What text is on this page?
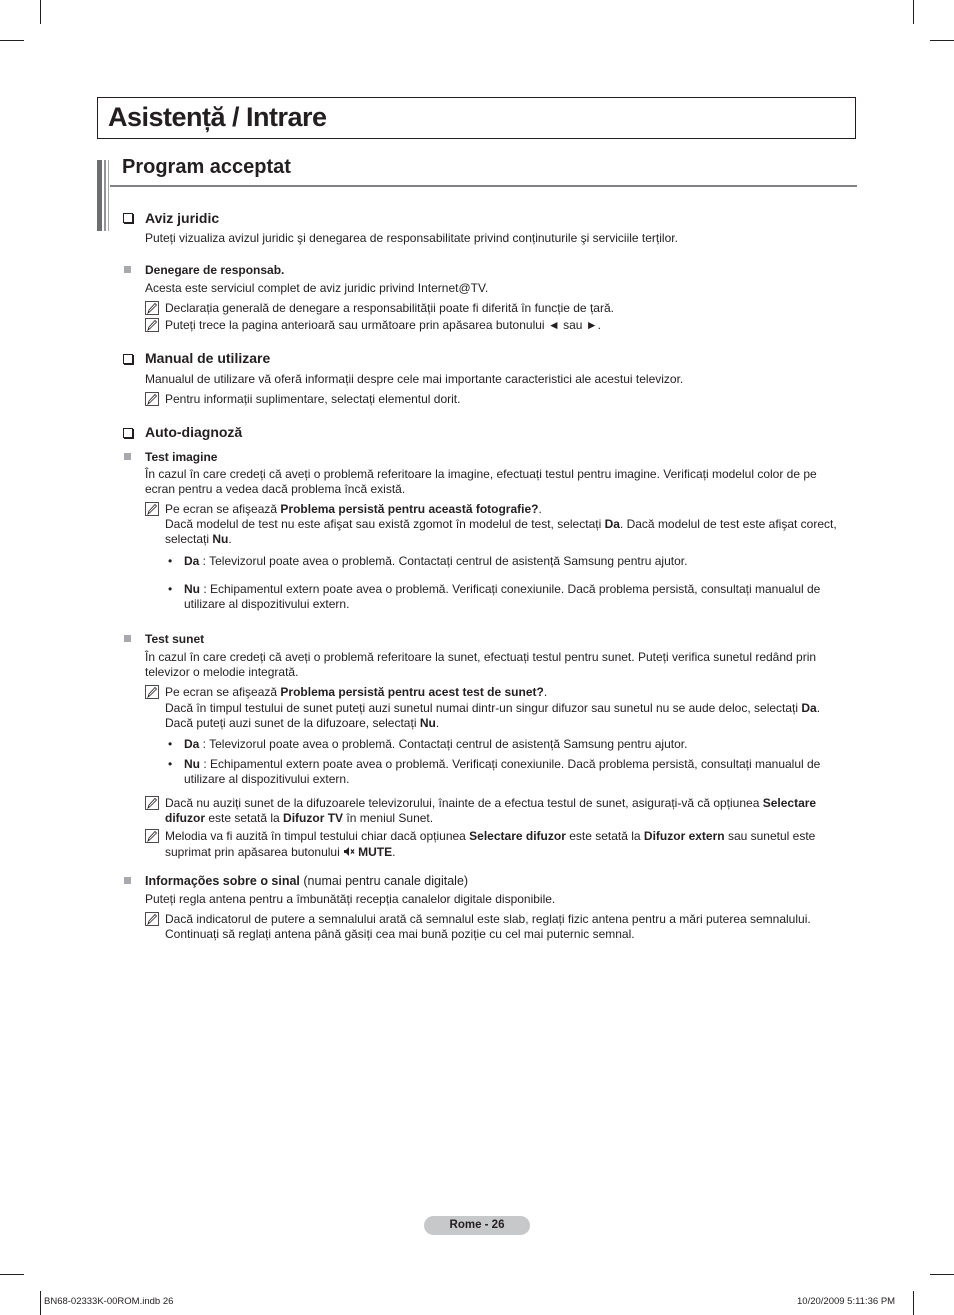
Asistență / Intrare
Program acceptat
Aviz juridic
Puteți vizualiza avizul juridic şi denegarea de responsabilitate privind conținuturile şi serviciile terților.
Denegare de responsab.
Acesta este serviciul complet de aviz juridic privind Internet@TV.
Declarația generală de denegare a responsabilității poate fi diferită în funcție de țară.
Puteți trece la pagina anterioară sau următoare prin apăsarea butonului ◄ sau ►.
Manual de utilizare
Manualul de utilizare vă oferă informații despre cele mai importante caracteristici ale acestui televizor.
Pentru informații suplimentare, selectați elementul dorit.
Auto-diagnoză
Test imagine
În cazul în care credeți că aveți o problemă referitoare la imagine, efectuați testul pentru imagine. Verificați modelul color de pe
ecran pentru a vedea dacă problema încă există.
Pe ecran se afişează Problema persistă pentru această fotografie?.
Dacă modelul de test nu este afişat sau există zgomot în modelul de test, selectați Da. Dacă modelul de test este afişat corect,
selectați Nu.
• Da : Televizorul poate avea o problemă. Contactați centrul de asistență Samsung pentru ajutor.
• Nu : Echipamentul extern poate avea o problemă. Verificați conexiunile. Dacă problema persistă, consultați manualul de
utilizare al dispozitivului extern.
Test sunet
În cazul în care credeți că aveți o problemă referitoare la sunet, efectuați testul pentru sunet. Puteți verifica sunetul redând prin
televizor o melodie integrată.
Pe ecran se afişează Problema persistă pentru acest test de sunet?.
Dacă în timpul testului de sunet puteți auzi sunetul numai dintr-un singur difuzor sau sunetul nu se aude deloc, selectați Da.
Dacă puteți auzi sunet de la difuzoare, selectați Nu.
• Da : Televizorul poate avea o problemă. Contactați centrul de asistență Samsung pentru ajutor.
• Nu : Echipamentul extern poate avea o problemă. Verificați conexiunile. Dacă problema persistă, consultați manualul de
utilizare al dispozitivului extern.
Dacă nu auziți sunet de la difuzoarele televizorului, înainte de a efectua testul de sunet, asigurați-vă că opțiunea Selectare
difuzor este setată la Difuzor TV în meniul Sunet.
Melodia va fi auzită în timpul testului chiar dacă opțiunea Selectare difuzor este setată la Difuzor extern sau sunetul este
suprimat prin apăsarea butonului MUTE.
Informações sobre o sinal (numai pentru canale digitale)
Puteți regla antena pentru a îmbunătăți recepția canalelor digitale disponibile.
Dacă indicatorul de putere a semnalului arată că semnalul este slab, reglați fizic antena pentru a mări puterea semnalului.
Continuați să reglați antena până găsiți cea mai bună poziție cu cel mai puternic semnal.
Rome - 26
BN68-02333K-00ROM.indb 26	10/20/2009 5:11:36 PM
